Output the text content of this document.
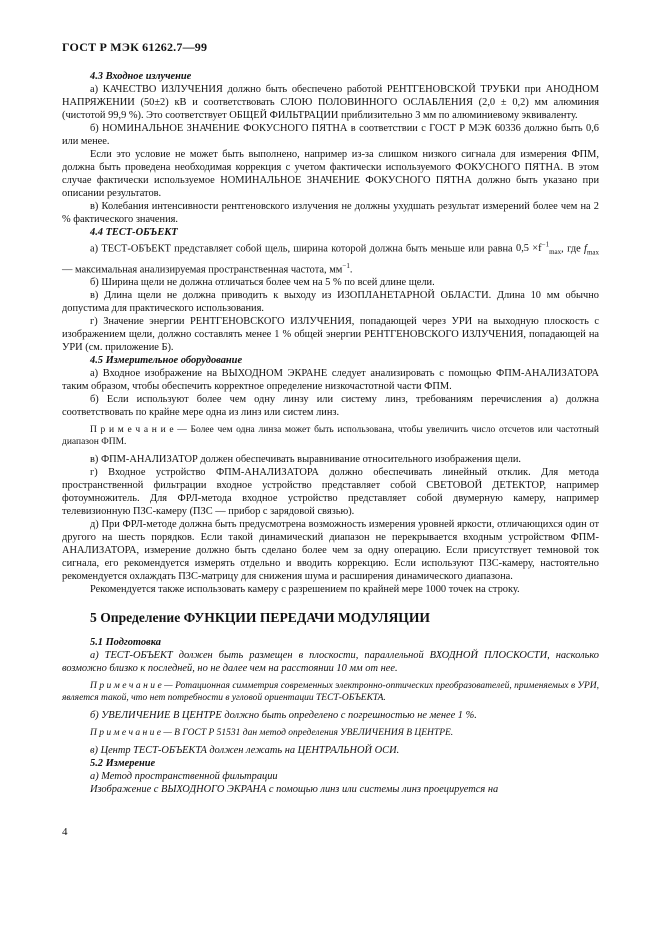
ГОСТ Р МЭК 61262.7—99
4.3 Входное излучение

а) КАЧЕСТВО ИЗЛУЧЕНИЯ должно быть обеспечено работой РЕНТГЕНОВСКОЙ ТРУБКИ при АНОДНОМ НАПРЯЖЕНИИ (50±2) кВ и соответствовать СЛОЮ ПОЛОВИННОГО ОСЛАБЛЕНИЯ (2,0 ± 0,2) мм алюминия (чистотой 99,9 %). Это соответствует ОБЩЕЙ ФИЛЬТРАЦИИ приблизительно 3 мм по алюминиевому эквиваленту.

б) НОМИНАЛЬНОЕ ЗНАЧЕНИЕ ФОКУСНОГО ПЯТНА в соответствии с ГОСТ Р МЭК 60336 должно быть 0,6 или менее.

Если это условие не может быть выполнено, например из-за слишком низкого сигнала для измерения ФПМ, должна быть проведена необходимая коррекция с учетом фактически используемого ФОКУСНОГО ПЯТНА. В этом случае фактически используемое НОМИНАЛЬНОЕ ЗНАЧЕНИЕ ФОКУСНОГО ПЯТНА должно быть указано при описании результатов.

в) Колебания интенсивности рентгеновского излучения не должны ухудшать результат измерений более чем на 2 % фактического значения.

4.4 ТЕСТ-ОБЪЕКТ

а) ТЕСТ-ОБЪЕКТ представляет собой щель, ширина которой должна быть меньше или равна $0,5 \times f^{-1}_{max}$, где $f_{max}$ — максимальная анализируемая пространственная частота, $мм^{-1}$.

б) Ширина щели не должна отличаться более чем на 5 % по всей длине щели.

в) Длина щели не должна приводить к выходу из ИЗОПЛАНЕТАРНОЙ ОБЛАСТИ. Длина 10 мм обычно допустима для практического использования.

г) Значение энергии РЕНТГЕНОВСКОГО ИЗЛУЧЕНИЯ, попадающей через УРИ на выходную плоскость с изображением щели, должно составлять менее 1 % общей энергии РЕНТГЕНОВСКОГО ИЗЛУЧЕНИЯ, попадающей на УРИ (см. приложение Б).

4.5 Измерительное оборудование

а) Входное изображение на ВЫХОДНОМ ЭКРАНЕ следует анализировать с помощью ФПМ-АНАЛИЗАТОРА таким образом, чтобы обеспечить корректное определение низкочастотной части ФПМ.

б) Если используют более чем одну линзу или систему линз, требованиям перечисления а) должна соответствовать по крайне мере одна из линз или систем линз.

П р и м е ч а н и е — Более чем одна линза может быть использована, чтобы увеличить число отсчетов или частотный диапазон ФПМ.

в) ФПМ-АНАЛИЗАТОР должен обеспечивать выравнивание относительного изображения щели.

г) Входное устройство ФПМ-АНАЛИЗАТОРА должно обеспечивать линейный отклик. Для метода пространственной фильтрации входное устройство представляет собой СВЕТОВОЙ ДЕТЕКТОР, например фотоумножитель. Для ФРЛ-метода входное устройство представляет собой двумерную камеру, например телевизионную ПЗС-камеру (ПЗС — прибор с зарядовой связью).

д) При ФРЛ-методе должна быть предусмотрена возможность измерения уровней яркости, отличающихся один от другого на шесть порядков. Если такой динамический диапазон не перекрывается входным устройством ФПМ-АНАЛИЗАТОРА, измерение должно быть сделано более чем за одну операцию. Если присутствует темновой ток сигнала, его рекомендуется измерять отдельно и вводить коррекцию. Если используют ПЗС-камеру, настоятельно рекомендуется охлаждать ПЗС-матрицу для снижения шума и расширения динамического диапазона.

Рекомендуется также использовать камеру с разрешением по крайней мере 1000 точек на строку.

5 Определение ФУНКЦИИ ПЕРЕДАЧИ МОДУЛЯЦИИ
5.1 Подготовка

а) ТЕСТ-ОБЪЕКТ должен быть размещен в плоскости, параллельной ВХОДНОЙ ПЛОСКОСТИ, насколько возможно близко к последней, но не далее чем на расстоянии 10 мм от нее.

П р и м е ч а н и е — Ротационная симметрия современных электронно-оптических преобразователей, применяемых в УРИ, является такой, что нет потребности в угловой ориентации ТЕСТ-ОБЪЕКТА.

б) УВЕЛИЧЕНИЕ В ЦЕНТРЕ должно быть определено с погрешностью не менее 1 %.

П р и м е ч а н и е — В ГОСТ Р 51531 дан метод определения УВЕЛИЧЕНИЯ В ЦЕНТРЕ.

в) Центр ТЕСТ-ОБЪЕКТА должен лежать на ЦЕНТРАЛЬНОЙ ОСИ.

5.2 Измерение

а) Метод пространственной фильтрации

Изображение с ВЫХОДНОГО ЭКРАНА с помощью линз или системы линз проецируется на

4
